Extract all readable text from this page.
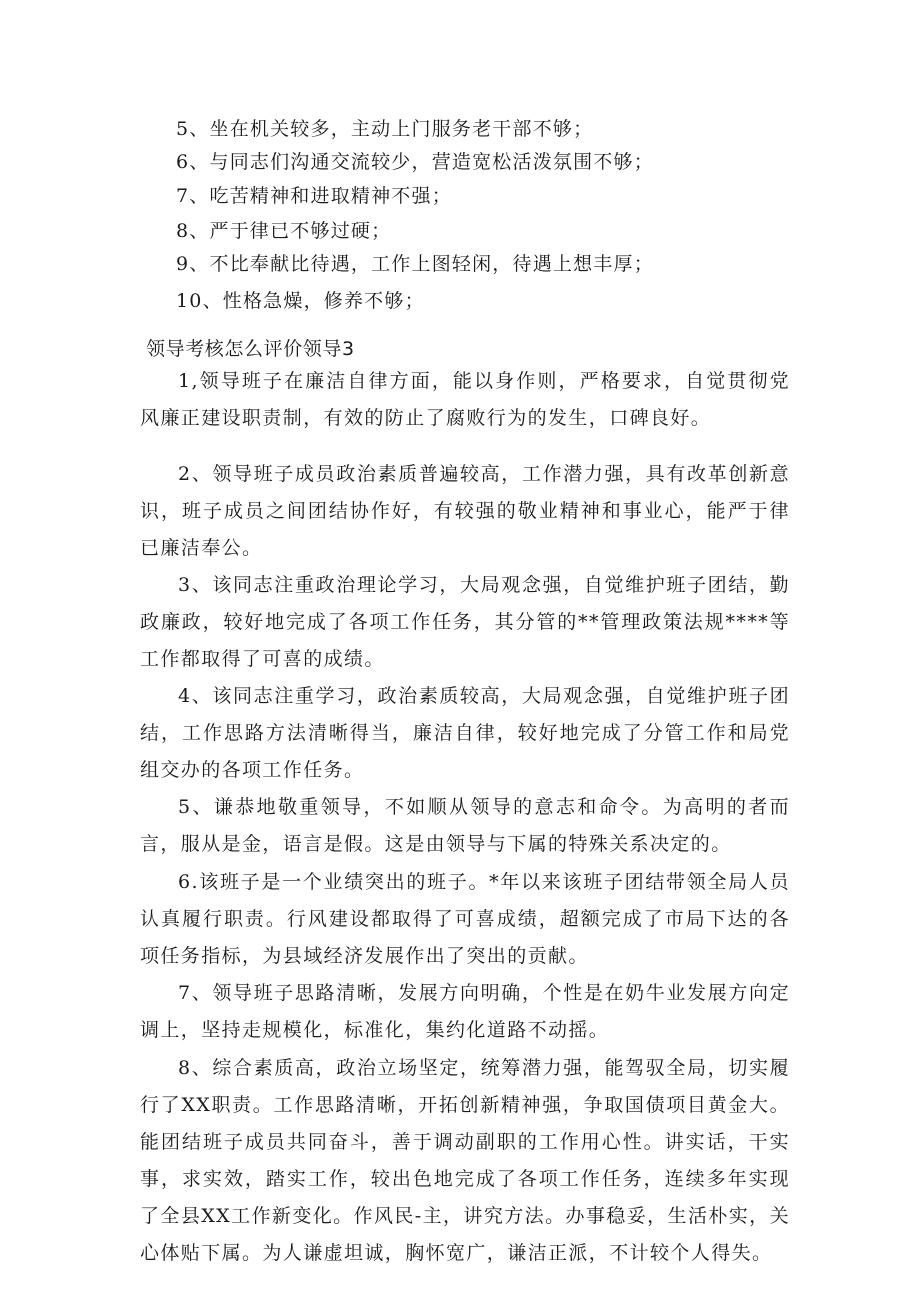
5、坐在机关较多，主动上门服务老干部不够；
6、与同志们沟通交流较少，营造宽松活泼氛围不够；
7、吃苦精神和进取精神不强；
8、严于律已不够过硬；
9、不比奉献比待遇，工作上图轻闲，待遇上想丰厚；
10、性格急燥，修养不够；
领导考核怎么评价领导3
1,领导班子在廉洁自律方面，能以身作则，严格要求，自觉贯彻党风廉正建设职责制，有效的防止了腐败行为的发生，口碑良好。
2、领导班子成员政治素质普遍较高，工作潜力强，具有改革创新意识，班子成员之间团结协作好，有较强的敬业精神和事业心，能严于律已廉洁奉公。
3、该同志注重政治理论学习，大局观念强，自觉维护班子团结，勤政廉政，较好地完成了各项工作任务，其分管的**管理政策法规****等工作都取得了可喜的成绩。
4、该同志注重学习，政治素质较高，大局观念强，自觉维护班子团结，工作思路方法清晰得当，廉洁自律，较好地完成了分管工作和局党组交办的各项工作任务。
5、谦恭地敬重领导，不如顺从领导的意志和命令。为高明的者而言，服从是金，语言是假。这是由领导与下属的特殊关系决定的。
6.该班子是一个业绩突出的班子。*年以来该班子团结带领全局人员认真履行职责。行风建设都取得了可喜成绩，超额完成了市局下达的各项任务指标，为县域经济发展作出了突出的贡献。
7、领导班子思路清晰，发展方向明确，个性是在奶牛业发展方向定调上，坚持走规模化，标准化，集约化道路不动摇。
8、综合素质高，政治立场坚定，统筹潜力强，能驾驭全局，切实履行了XX职责。工作思路清晰，开拓创新精神强，争取国债项目黄金大。能团结班子成员共同奋斗，善于调动副职的工作用心性。讲实话，干实事，求实效，踏实工作，较出色地完成了各项工作任务，连续多年实现了全县XX工作新变化。作风民-主，讲究方法。办事稳妥，生活朴实，关心体贴下属。为人谦虚坦诚，胸怀宽广，谦洁正派，不计较个人得失。
